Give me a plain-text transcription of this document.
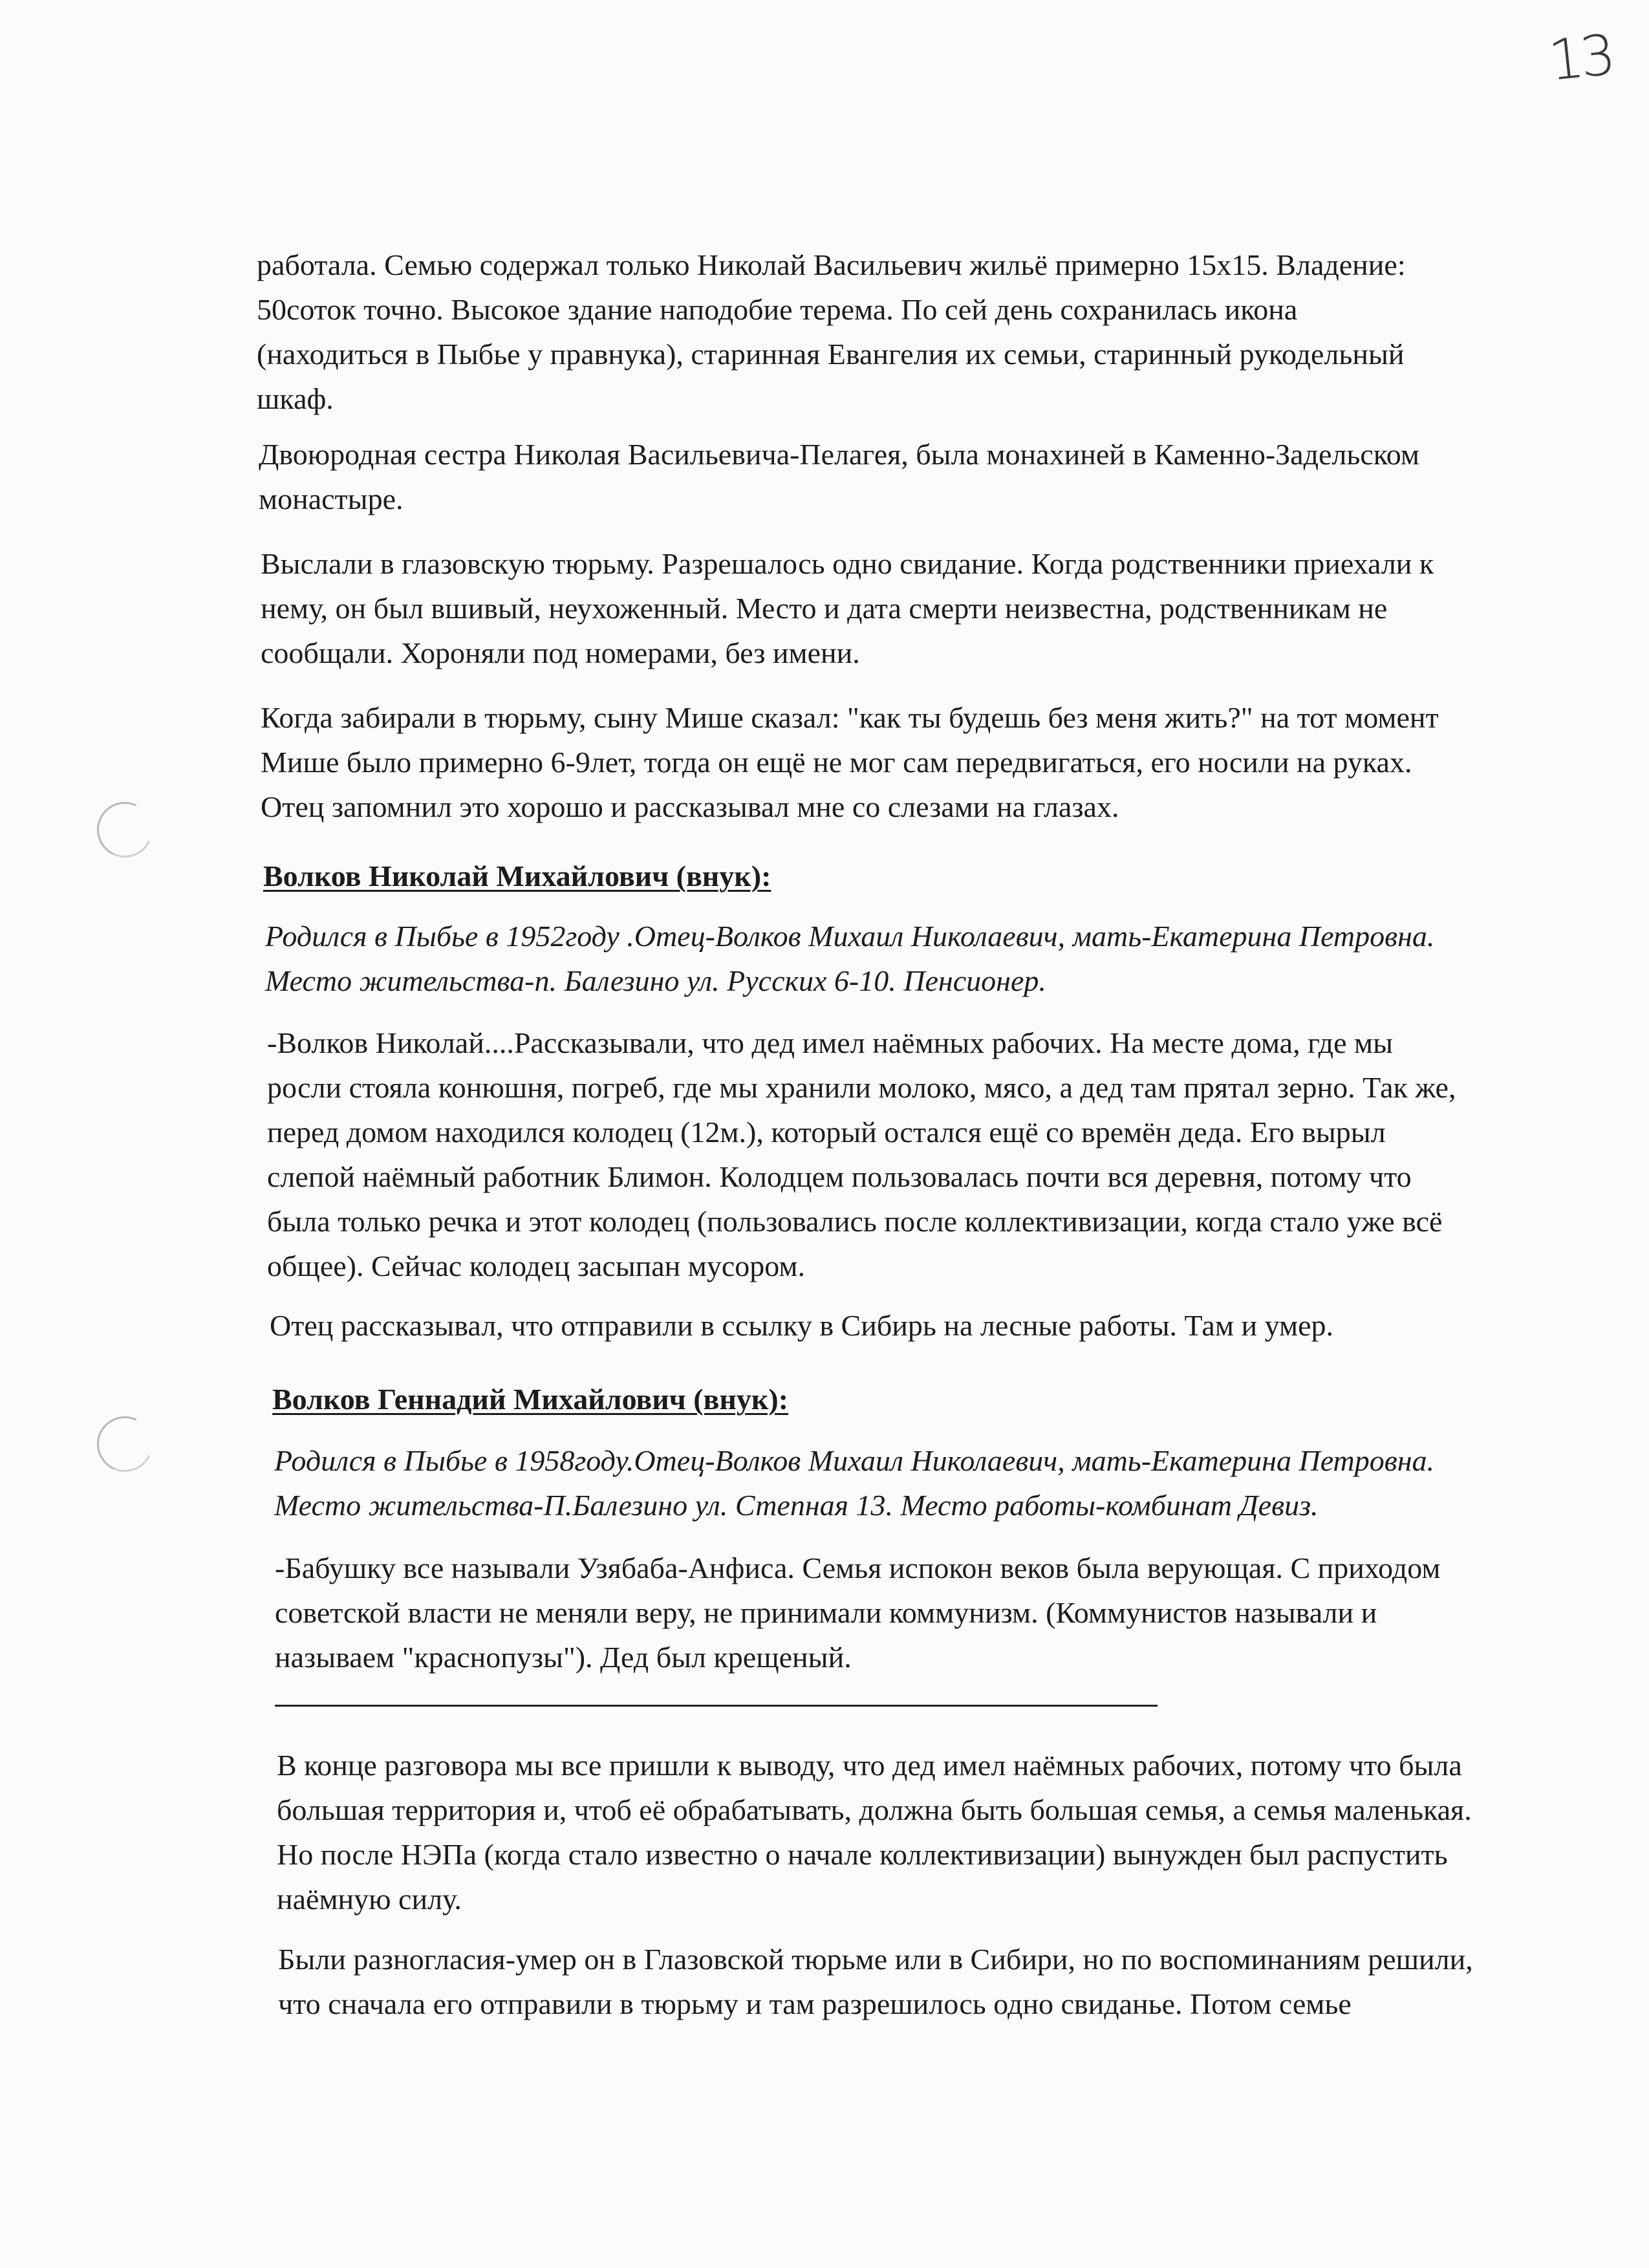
13
работала. Семью содержал только Николай Васильевич жильё примерно 15х15. Владение:
50соток точно. Высокое здание наподобие терема. По сей день сохранилась икона
(находиться в Пыбье у правнука), старинная Евангелия их семьи, старинный рукодельный
шкаф.
Двоюродная сестра Николая Васильевича-Пелагея, была монахиней в Каменно-Задельском
монастыре.
Выслали в глазовскую тюрьму. Разрешалось одно свидание. Когда родственники приехали к
нему, он был вшивый, неухоженный. Место и дата смерти неизвестна, родственникам не
сообщали. Хороняли под номерами, без имени.
Когда забирали в тюрьму, сыну Мише сказал: "как ты будешь без меня жить?" на тот момент
Мише было примерно 6-9лет, тогда он ещё не мог сам передвигаться, его носили на руках.
Отец запомнил это хорошо и рассказывал мне со слезами на глазах.
Волков Николай Михайлович (внук):
Родился в Пыбье в 1952году .Отец-Волков Михаил Николаевич, мать-Екатерина Петровна.
Место жительства-п. Балезино ул. Русских 6-10. Пенсионер.
-Волков Николай....Рассказывали, что дед имел наёмных рабочих. На месте дома, где мы
росли стояла конюшня, погреб, где мы хранили молоко, мясо, а дед там прятал зерно. Так же,
перед домом находился колодец (12м.), который остался ещё со времён деда. Его вырыл
слепой наёмный работник Блимон. Колодцем пользовалась почти вся деревня, потому что
была только речка и этот колодец (пользовались после коллективизации, когда стало уже всё
общее). Сейчас колодец засыпан мусором.
Отец рассказывал, что отправили в ссылку в Сибирь на лесные работы. Там и умер.
Волков Геннадий Михайлович (внук):
Родился в Пыбье в 1958году.Отец-Волков Михаил Николаевич, мать-Екатерина Петровна.
Место жительства-П.Балезино ул. Степная 13. Место работы-комбинат Девиз.
-Бабушку все называли Узябаба-Анфиса. Семья испокон веков была верующая. С приходом
советской власти не меняли веру, не принимали коммунизм. (Коммунистов называли и
называем "краснопузы"). Дед был крещеный.
В конце разговора мы все пришли к выводу, что дед имел наёмных рабочих, потому что была
большая территория и, чтоб её обрабатывать, должна быть большая семья, а семья маленькая.
Но после НЭПа (когда стало известно о начале коллективизации) вынужден был распустить
наёмную силу.
Были разногласия-умер он в Глазовской тюрьме или в Сибири, но по воспоминаниям решили,
что сначала его отправили в тюрьму и там разрешилось одно свиданье. Потом семье
